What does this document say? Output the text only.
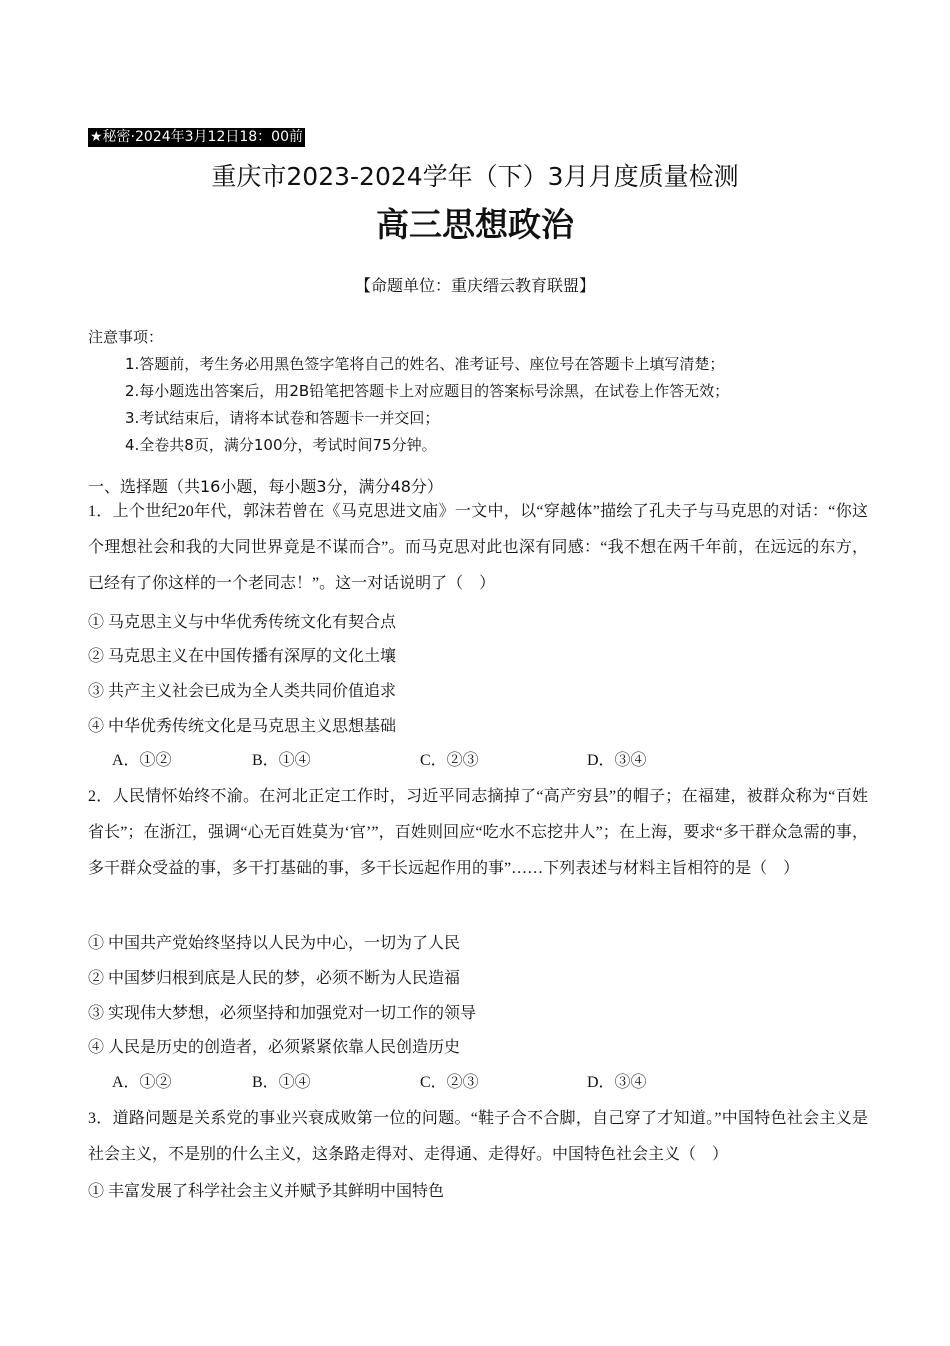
★秘密·2024年3月12日18：00前
重庆市2023-2024学年（下）3月月度质量检测
高三思想政治
【命题单位：重庆缙云教育联盟】
注意事项：
1.答题前，考生务必用黑色签字笔将自己的姓名、准考证号、座位号在答题卡上填写清楚；
2.每小题选出答案后，用2B铅笔把答题卡上对应题目的答案标号涂黑，在试卷上作答无效；
3.考试结束后，请将本试卷和答题卡一并交回；
4.全卷共8页，满分100分，考试时间75分钟。
一、选择题（共16小题，每小题3分，满分48分）
1．上个世纪20年代，郭沫若曾在《马克思进文庙》一文中，以“穿越体”描绘了孔夫子与马克思的对话：“你这个理想社会和我的大同世界竟是不谋而合”。而马克思对此也深有同感：“我不想在两千年前，在远远的东方，已经有了你这样的一个老同志！”。这一对话说明了（　）
① 马克思主义与中华优秀传统文化有契合点
② 马克思主义在中国传播有深厚的文化土壤
③ 共产主义社会已成为全人类共同价值追求
④ 中华优秀传统文化是马克思主义思想基础
A．①②	B．①④	C．②③	D．③④
2．人民情怀始终不渝。在河北正定工作时，习近平同志摘掉了“高产穷县”的帽子；在福建，被群众称为“百姓省长”；在浙江，强调“心无百姓莫为‘官’”，百姓则回应“吃水不忘挖井人”；在上海，要求“多干群众急需的事，多干群众受益的事，多干打基础的事，多干长远起作用的事”……下列表述与材料主旨相符的是（　）
① 中国共产党始终坚持以人民为中心，一切为了人民
② 中国梦归根到底是人民的梦，必须不断为人民造福
③ 实现伟大梦想，必须坚持和加强党对一切工作的领导
④ 人民是历史的创造者，必须紧紧依靠人民创造历史
A．①②	B．①④	C．②③	D．③④
3．道路问题是关系党的事业兴衰成败第一位的问题。“鞋子合不合脚，自己穿了才知道。”中国特色社会主义是社会主义，不是别的什么主义，这条路走得对、走得通、走得好。中国特色社会主义（　）
① 丰富发展了科学社会主义并赋予其鲜明中国特色
